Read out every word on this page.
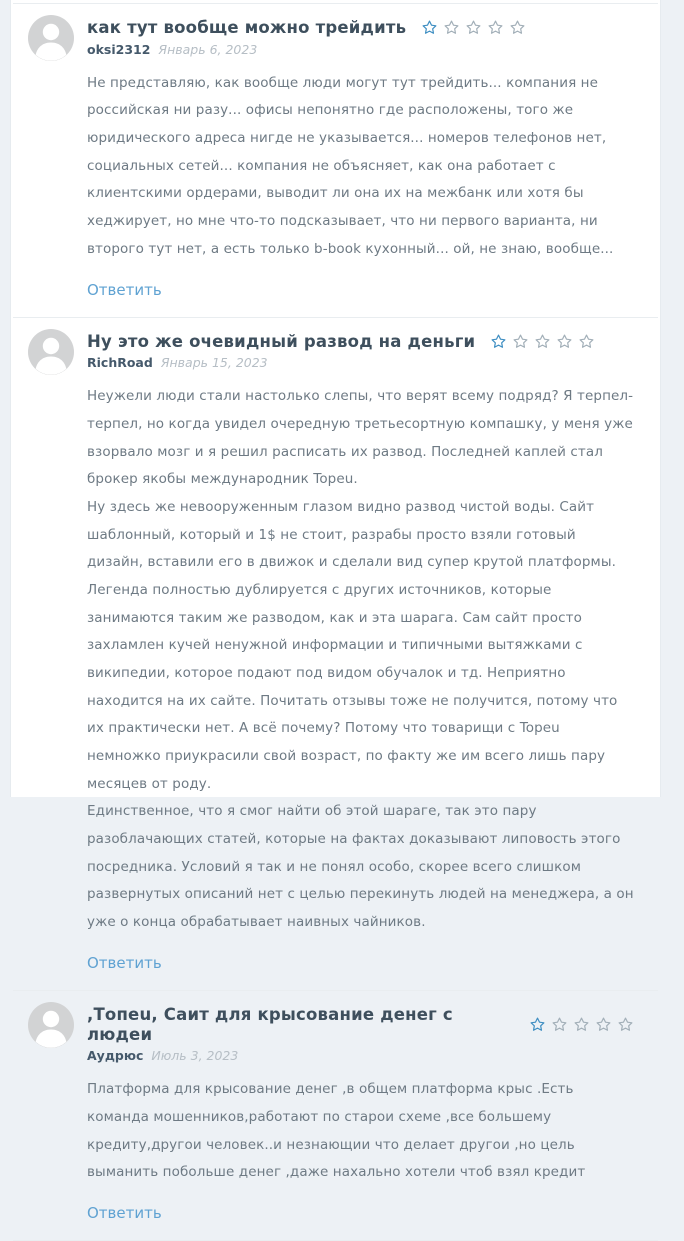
как тут вообще можно трейдить
oksi2312 Январь 6, 2023

Не представляю, как вообще люди могут тут трейдить... компания не российская ни разу... офисы непонятно где расположены, того же юридического адреса нигде не указывается... номеров телефонов нет, социальных сетей... компания не объясняет, как она работает с клиентскими ордерами, выводит ли она их на межбанк или хотя бы хеджирует, но мне что-то подсказывает, что ни первого варианта, ни второго тут нет, а есть только b-book кухонный... ой, не знаю, вообще...

Ответить
Ну это же очевидный развод на деньги
RichRoad Январь 15, 2023

Неужели люди стали настолько слепы, что верят всему подряд? Я терпел-терпел, но когда увидел очередную третьесортную компашку, у меня уже взорвало мозг и я решил расписать их развод. Последней каплей стал брокер якобы международник Topeu.

Ну здесь же невооруженным глазом видно развод чистой воды. Сайт шаблонный, который и 1$ не стоит, разрабы просто взяли готовый дизайн, вставили его в движок и сделали вид супер крутой платформы.

Легенда полностью дублируется с других источников, которые занимаются таким же разводом, как и эта шарага. Сам сайт просто захламлен кучей ненужной информации и типичными вытяжками с википедии, которое подают под видом обучалок и тд. Неприятно находится на их сайте. Почитать отзывы тоже не получится, потому что их практически нет. А всё почему? Потому что товарищи с Topeu немножко приукрасили свой возраст, по факту же им всего лишь пару месяцев от роду.

Единственное, что я смог найти об этой шараге, так это пару разоблачающих статей, которые на фактах доказывают липовость этого посредника. Условий я так и не понял особо, скорее всего слишком развернутых описаний нет с целью перекинуть людей на менеджера, а он уже о конца обрабатывает наивных чайников.

Ответить
,Топеu, Саит для крысование денег с людеи
Аудрюс Июль 3, 2023

Платформа для крысование денег ,в общем платформа крыс .Есть команда мошенников,работают по старои схеме ,все большему кредиту,другои человек..и незнающии что делает другои ,но цель выманить побольше денег ,даже нахально хотели чтоб взял кредит

Ответить
